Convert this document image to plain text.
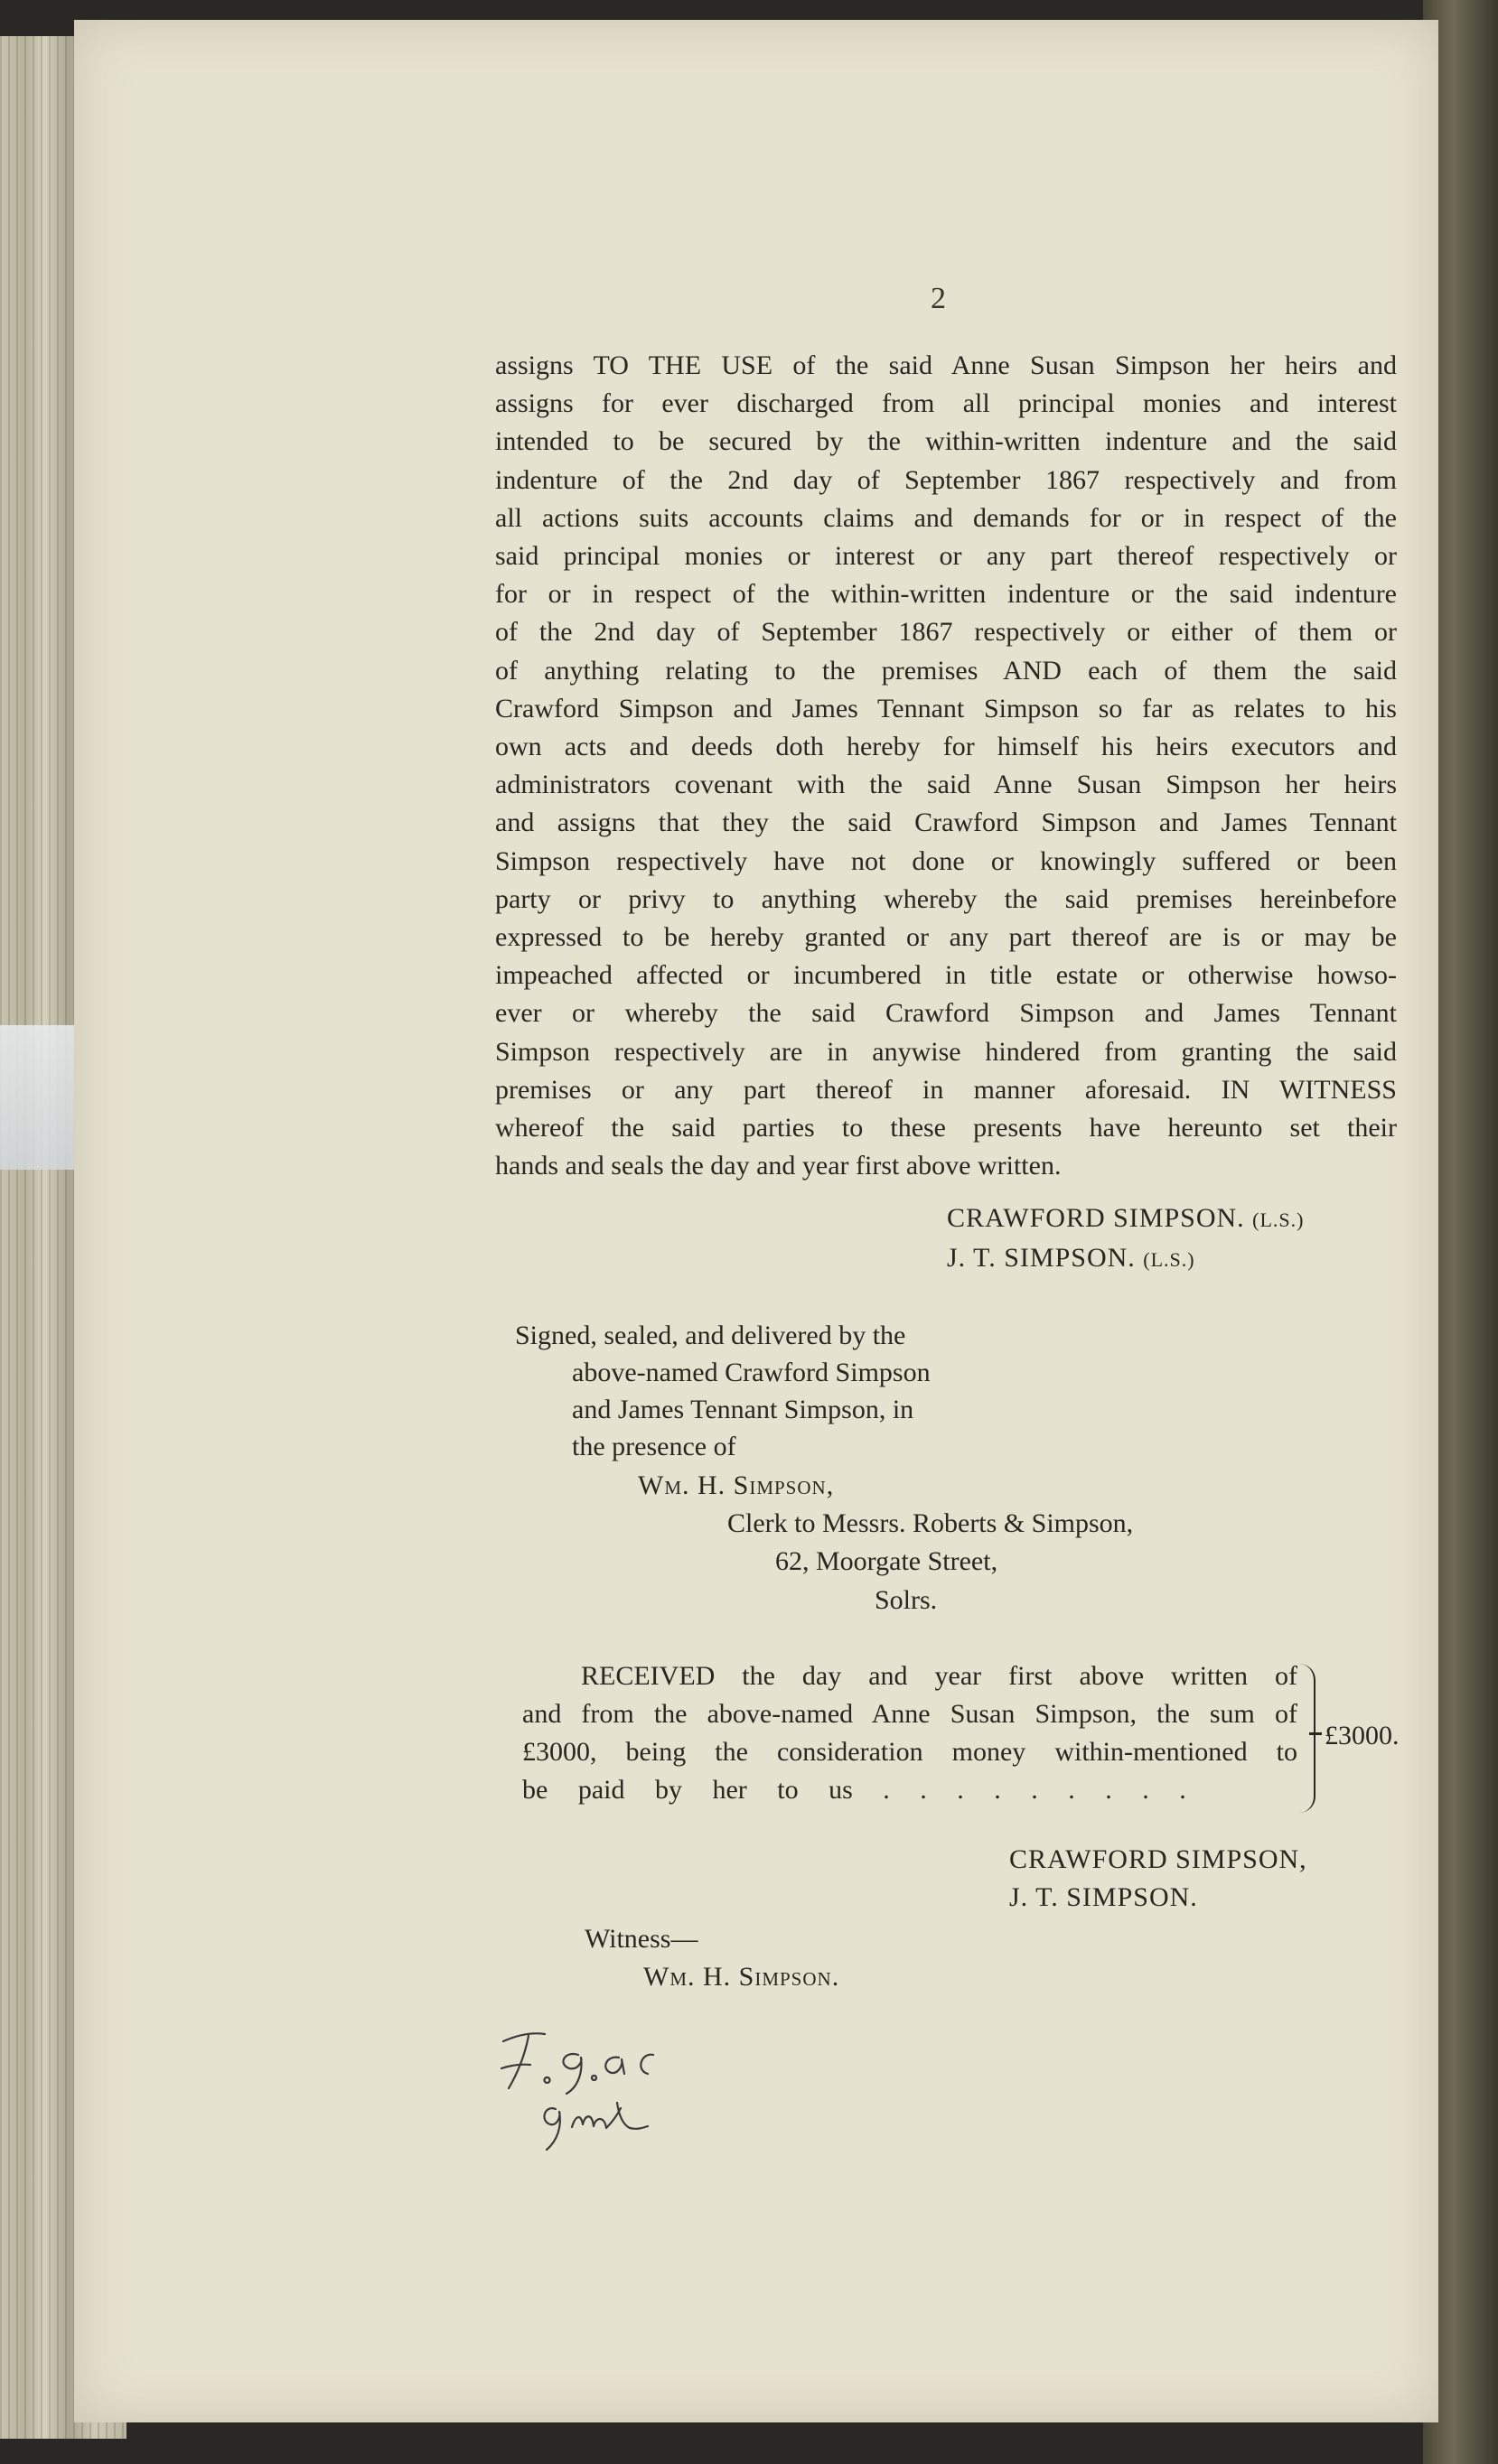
2
assigns TO THE USE of the said Anne Susan Simpson her heirs and
assigns for ever discharged from all principal monies and interest
intended to be secured by the within-written indenture and the said
indenture of the 2nd day of September 1867 respectively and from
all actions suits accounts claims and demands for or in respect of the
said principal monies or interest or any part thereof respectively or
for or in respect of the within-written indenture or the said indenture
of the 2nd day of September 1867 respectively or either of them or
of anything relating to the premises AND each of them the said
Crawford Simpson and James Tennant Simpson so far as relates to his
own acts and deeds doth hereby for himself his heirs executors and
administrators covenant with the said Anne Susan Simpson her heirs
and assigns that they the said Crawford Simpson and James Tennant
Simpson respectively have not done or knowingly suffered or been
party or privy to anything whereby the said premises hereinbefore
expressed to be hereby granted or any part thereof are is or may be
impeached affected or incumbered in title estate or otherwise howso-
ever or whereby the said Crawford Simpson and James Tennant
Simpson respectively are in anywise hindered from granting the said
premises or any part thereof in manner aforesaid. IN WITNESS
whereof the said parties to these presents have hereunto set their
hands and seals the day and year first above written.
CRAWFORD SIMPSON. (L.S.)
J. T. SIMPSON. (L.S.)
Signed, sealed, and delivered by the
above-named Crawford Simpson
and James Tennant Simpson, in
the presence of
Wm. H. Simpson,
Clerk to Messrs. Roberts & Simpson,
62, Moorgate Street,
Solrs.
RECEIVED the day and year first above written of
and from the above-named Anne Susan Simpson, the sum of
£3000, being the consideration money within-mentioned to
be paid by her to us . . . . . . . . .
£3000.
CRAWFORD SIMPSON,
J. T. SIMPSON.
Witness—
Wm. H. Simpson.
